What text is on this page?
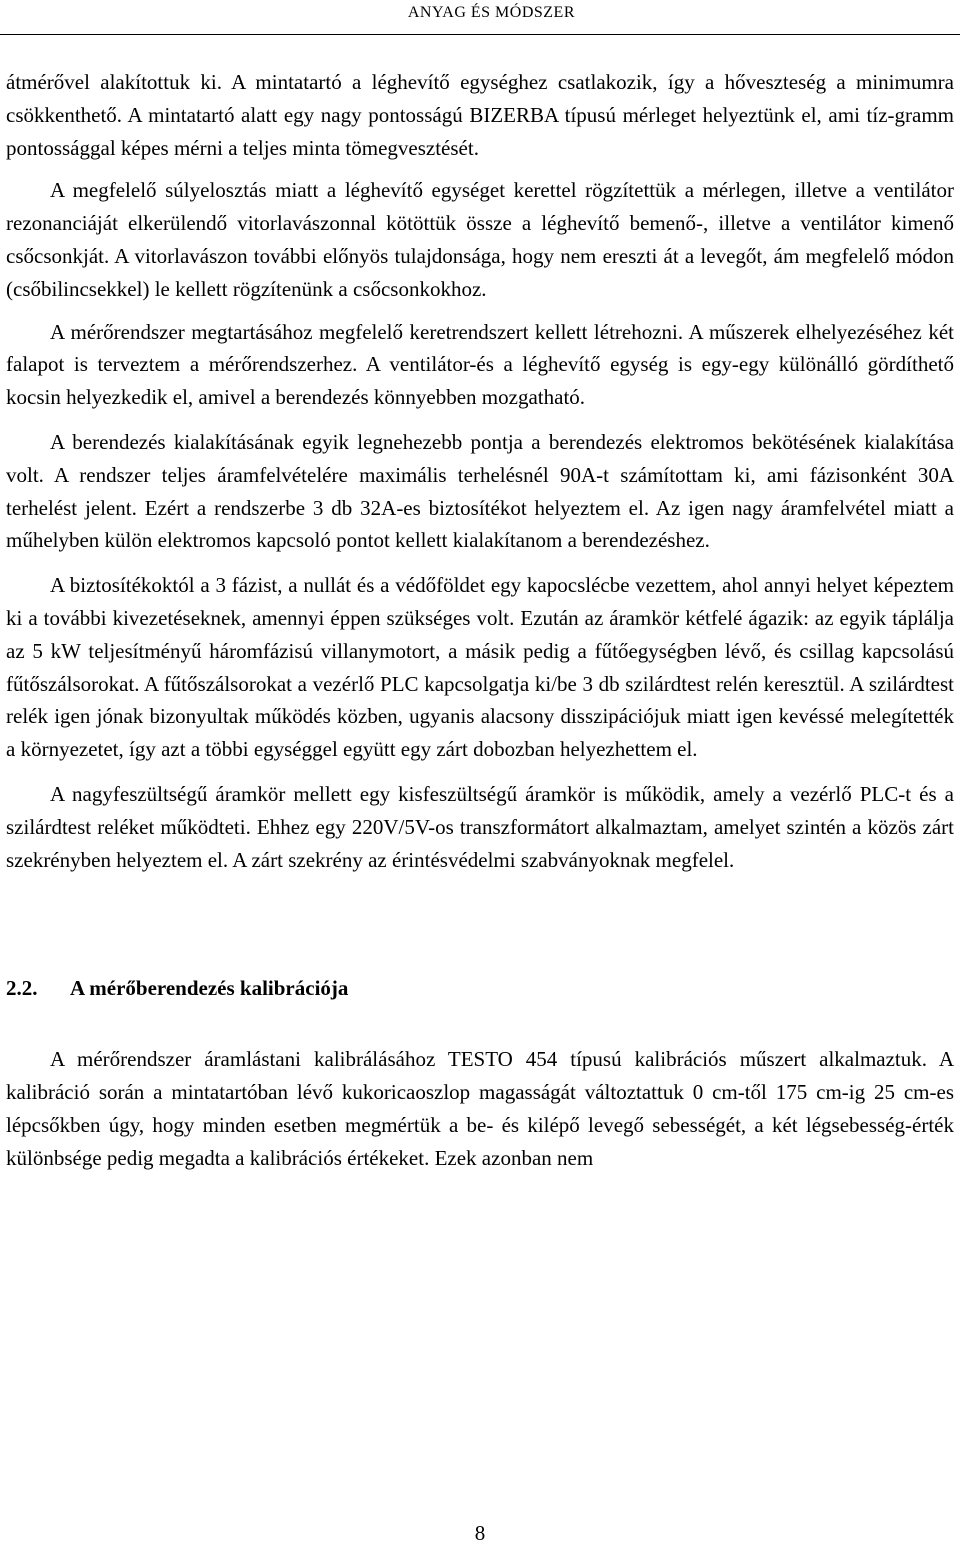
ANYAG ÉS MÓDSZER

átmérővel alakítottuk ki. A mintatartó a léghevítő egységhez csatlakozik, így a hőveszteség a minimumra csökkenthető. A mintatartó alatt egy nagy pontosságú BIZERBA típusú mérleget helyeztünk el, ami tíz-gramm pontossággal képes mérni a teljes minta tömegvesztését.

A megfelelő súlyelosztás miatt a léghevítő egységet kerettel rögzítettük a mérlegen, illetve a ventilátor rezonanciáját elkerülendő vitorlavászonnal kötöttük össze a léghevítő bemenő-, illetve a ventilátor kimenő csőcsonkját. A vitorlavászon további előnyös tulajdonsága, hogy nem ereszti át a levegőt, ám megfelelő módon (csőbilincsekkel) le kellett rögzítenünk a csőcsonkokhoz.

A mérőrendszer megtartásához megfelelő keretrendszert kellett létrehozni. A műszerek elhelyezéséhez két falapot is terveztem a mérőrendszerhez. A ventilátor-és a léghevítő egység is egy-egy különálló gördíthető kocsin helyezkedik el, amivel a berendezés könnyebben mozgatható.

A berendezés kialakításának egyik legnehezebb pontja a berendezés elektromos bekötésének kialakítása volt. A rendszer teljes áramfelvételére maximális terhelésnél 90A-t számítottam ki, ami fázisonként 30A terhelést jelent. Ezért a rendszerbe 3 db 32A-es biztosítékot helyeztem el. Az igen nagy áramfelvétel miatt a műhelyben külön elektromos kapcsoló pontot kellett kialakítanom a berendezéshez.

A biztosítékoktól a 3 fázist, a nullát és a védőföldet egy kapocslécbe vezettem, ahol annyi helyet képeztem ki a további kivezetéseknek, amennyi éppen szükséges volt. Ezután az áramkör kétfelé ágazik: az egyik táplálja az 5 kW teljesítményű háromfázisú villanymotort, a másik pedig a fűtőegységben lévő, és csillag kapcsolású fűtőszálsorokat. A fűtőszálsorokat a vezérlő PLC kapcsolgatja ki/be 3 db szilárdtest relén keresztül. A szilárdtest relék igen jónak bizonyultak működés közben, ugyanis alacsony disszipációjuk miatt igen kevéssé melegítették a környezetet, így azt a többi egységgel együtt egy zárt dobozban helyezhettem el.

A nagyfeszültségű áramkör mellett egy kisfeszültségű áramkör is működik, amely a vezérlő PLC-t és a szilárdtest reléket működteti. Ehhez egy 220V/5V-os transzformátort alkalmaztam, amelyet szintén a közös zárt szekrényben helyeztem el. A zárt szekrény az érintésvédelmi szabványoknak megfelel.

2.2. A mérőberendezés kalibrációja

A mérőrendszer áramlástani kalibrálásához TESTO 454 típusú kalibrációs műszert alkalmaztuk. A kalibráció során a mintatartóban lévő kukoricaoszlop magasságát változtattuk 0 cm-től 175 cm-ig 25 cm-es lépcsőkben úgy, hogy minden esetben megmértük a be- és kilépő levegő sebességét, a két légsebesség-érték különbsége pedig megadta a kalibrációs értékeket. Ezek azonban nem

8
